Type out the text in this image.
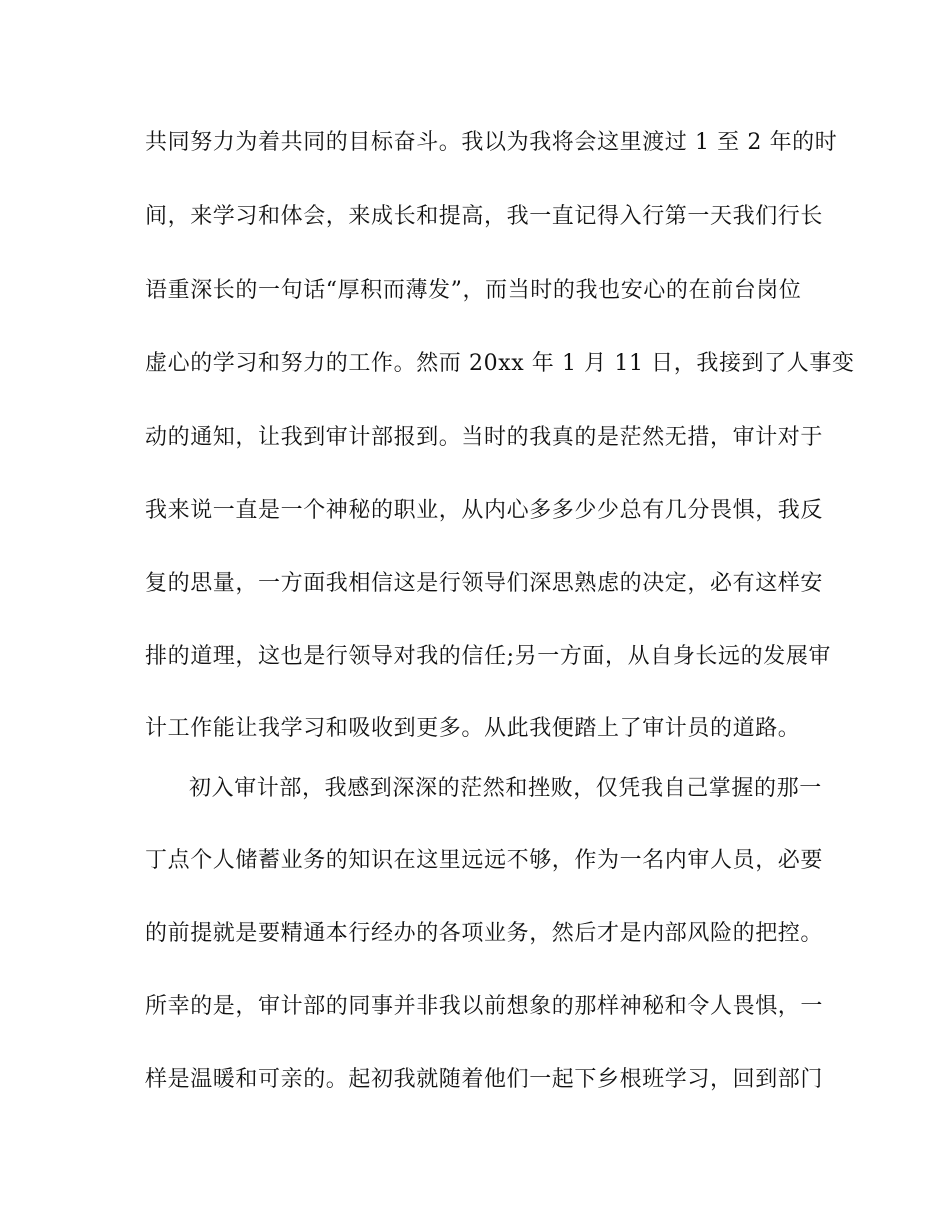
共同努力为着共同的目标奋斗。我以为我将会这里渡过 1 至 2 年的时
间，来学习和体会，来成长和提高，我一直记得入行第一天我们行长
语重深长的一句话“厚积而薄发”，而当时的我也安心的在前台岗位
虚心的学习和努力的工作。然而 20xx 年 1 月 11 日，我接到了人事变
动的通知，让我到审计部报到。当时的我真的是茫然无措，审计对于
我来说一直是一个神秘的职业，从内心多多少少总有几分畏惧，我反
复的思量，一方面我相信这是行领导们深思熟虑的决定，必有这样安
排的道理，这也是行领导对我的信任;另一方面，从自身长远的发展审
计工作能让我学习和吸收到更多。从此我便踏上了审计员的道路。
初入审计部，我感到深深的茫然和挫败，仅凭我自己掌握的那一
丁点个人储蓄业务的知识在这里远远不够，作为一名内审人员，必要
的前提就是要精通本行经办的各项业务，然后才是内部风险的把控。
所幸的是，审计部的同事并非我以前想象的那样神秘和令人畏惧，一
样是温暖和可亲的。起初我就随着他们一起下乡根班学习，回到部门
